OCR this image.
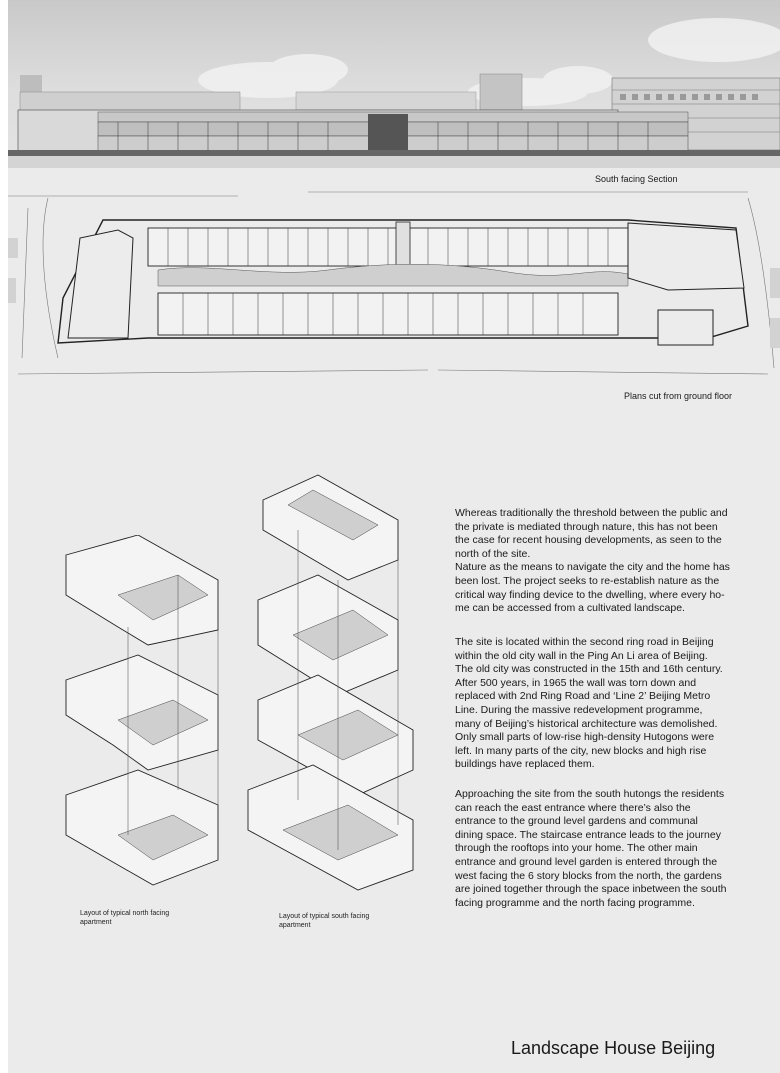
South facing Section
Plans cut from ground floor
Layout of typical north facing
apartment
Layout of typical south facing
apartment

Whereas traditionally the threshold between the public and
the private is mediated through nature, this has not been
the case for recent housing developments, as seen to the
north of the site.
Nature as the means to navigate the city and the home has
been lost. The project seeks to re-establish nature as the
critical way finding device to the dwelling, where every ho-
me can be accessed from a cultivated landscape.

The site is located within the second ring road in Beijing
within the old city wall in the Ping An Li area of Beijing.
The old city was constructed in the 15th and 16th century.
After 500 years, in 1965 the wall was torn down and
replaced with 2nd Ring Road and ‘Line 2’ Beijing Metro
Line. During the massive redevelopment programme,
many of Beijing’s historical architecture was demolished.
Only small parts of low-rise high-density Hutogons were
left. In many parts of the city, new blocks and high rise
buildings have replaced them.

Approaching the site from the south hutongs the residents
can reach the east entrance where there’s also the
entrance to the ground level gardens and communal
dining space. The staircase entrance leads to the journey
through the rooftops into your home. The other main
entrance and ground level garden is entered through the
west facing the 6 story blocks from the north, the gardens
are joined together through the space inbetween the south
facing programme and the north facing programme.

Landscape House Beijing
